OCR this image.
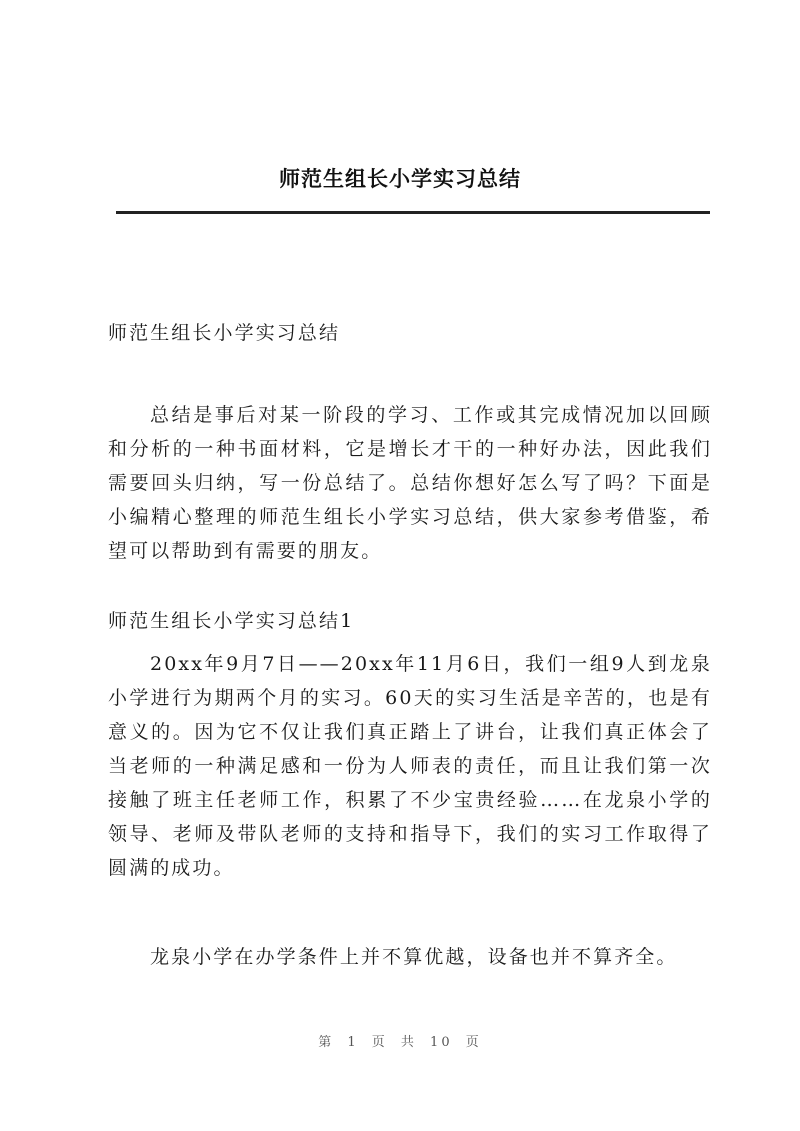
师范生组长小学实习总结
师范生组长小学实习总结
总结是事后对某一阶段的学习、工作或其完成情况加以回顾和分析的一种书面材料，它是增长才干的一种好办法，因此我们需要回头归纳，写一份总结了。总结你想好怎么写了吗？下面是小编精心整理的师范生组长小学实习总结，供大家参考借鉴，希望可以帮助到有需要的朋友。
师范生组长小学实习总结1
20xx年9月7日——20xx年11月6日，我们一组9人到龙泉小学进行为期两个月的实习。60天的实习生活是辛苦的，也是有意义的。因为它不仅让我们真正踏上了讲台，让我们真正体会了当老师的一种满足感和一份为人师表的责任，而且让我们第一次接触了班主任老师工作，积累了不少宝贵经验……在龙泉小学的领导、老师及带队老师的支持和指导下，我们的实习工作取得了圆满的成功。
龙泉小学在办学条件上并不算优越，设备也并不算齐全。
第 1 页 共 10 页
